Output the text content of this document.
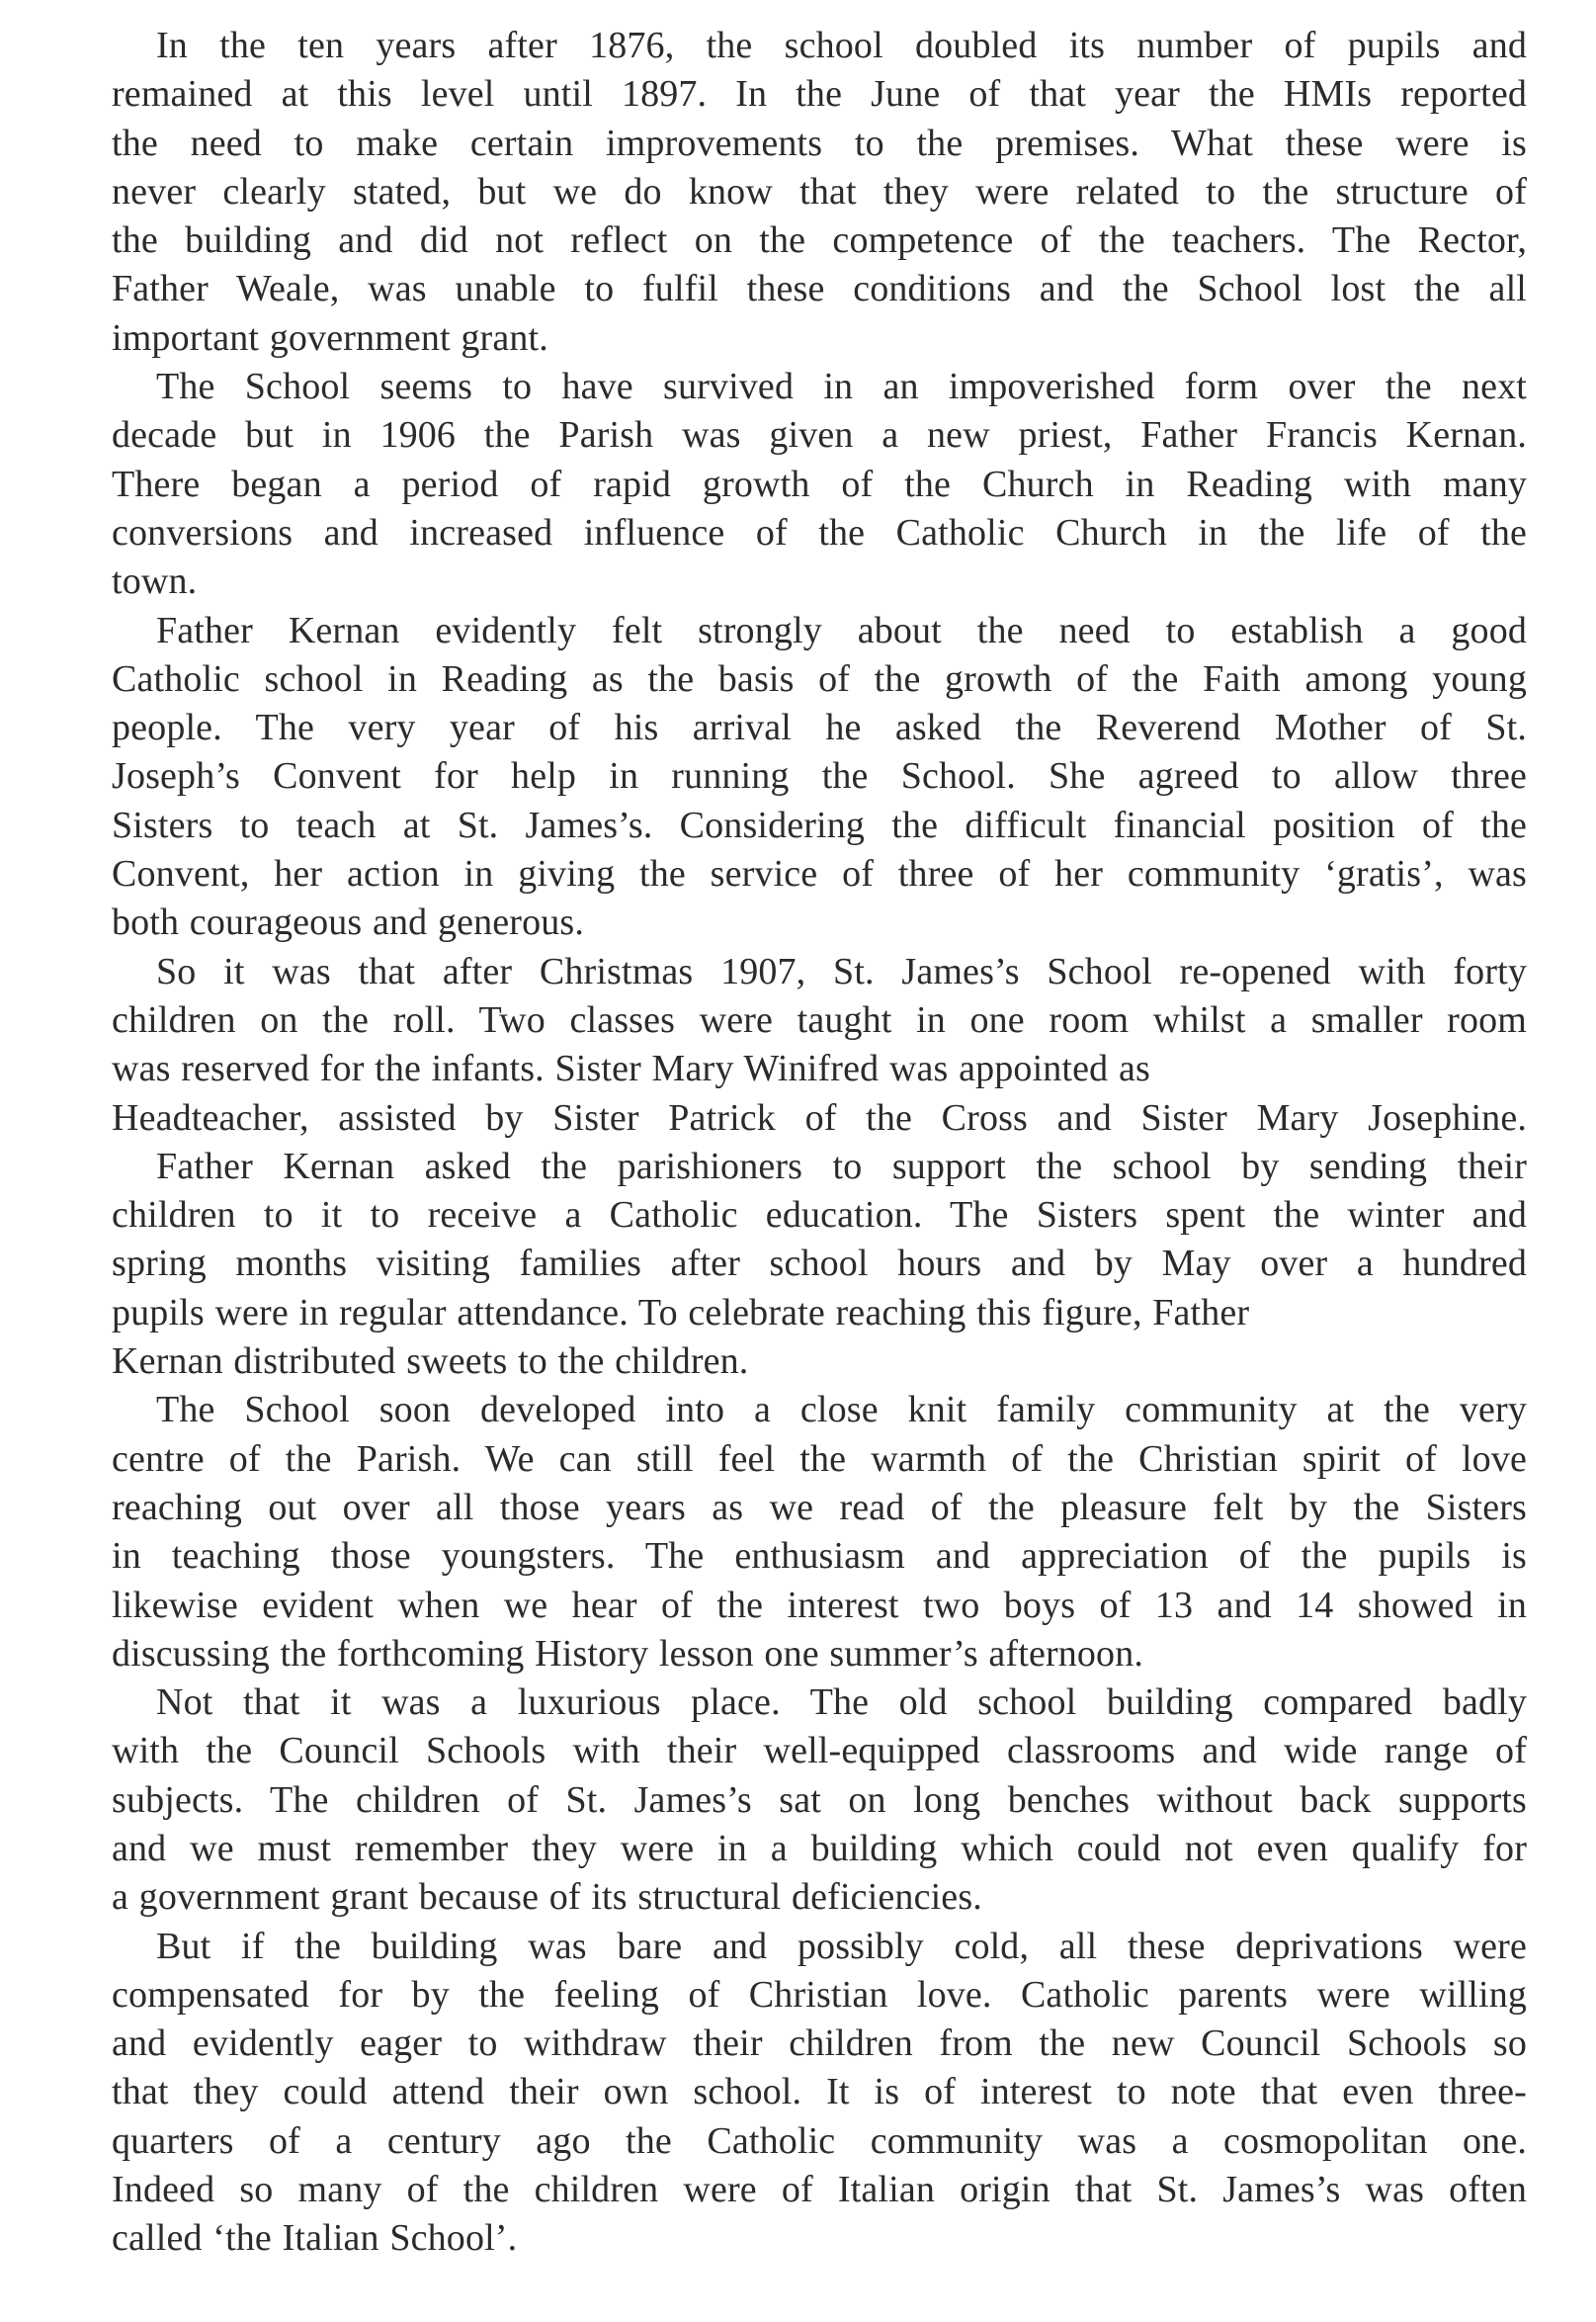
In the ten years after 1876, the school doubled its number of pupils and
remained at this level until 1897. In the June of that year the HMIs reported
the need to make certain improvements to the premises. What these were is
never clearly stated, but we do know that they were related to the structure of
the building and did not reflect on the competence of the teachers. The Rector,
Father Weale, was unable to fulfil these conditions and the School lost the all
important government grant.
The School seems to have survived in an impoverished form over the next
decade but in 1906 the Parish was given a new priest, Father Francis Kernan.
There began a period of rapid growth of the Church in Reading with many
conversions and increased influence of the Catholic Church in the life of the
town.
Father Kernan evidently felt strongly about the need to establish a good
Catholic school in Reading as the basis of the growth of the Faith among young
people. The very year of his arrival he asked the Reverend Mother of St.
Joseph’s Convent for help in running the School. She agreed to allow three
Sisters to teach at St. James’s. Considering the difficult financial position of the
Convent, her action in giving the service of three of her community ‘gratis’, was
both courageous and generous.
So it was that after Christmas 1907, St. James’s School re-opened with forty
children on the roll. Two classes were taught in one room whilst a smaller room
was reserved for the infants. Sister Mary Winifred was appointed as
Headteacher, assisted by Sister Patrick of the Cross and Sister Mary Josephine.
Father Kernan asked the parishioners to support the school by sending their
children to it to receive a Catholic education. The Sisters spent the winter and
spring months visiting families after school hours and by May over a hundred
pupils were in regular attendance. To celebrate reaching this figure, Father
Kernan distributed sweets to the children.
The School soon developed into a close knit family community at the very
centre of the Parish. We can still feel the warmth of the Christian spirit of love
reaching out over all those years as we read of the pleasure felt by the Sisters
in teaching those youngsters. The enthusiasm and appreciation of the pupils is
likewise evident when we hear of the interest two boys of 13 and 14 showed in
discussing the forthcoming History lesson one summer’s afternoon.
Not that it was a luxurious place. The old school building compared badly
with the Council Schools with their well-equipped classrooms and wide range of
subjects. The children of St. James’s sat on long benches without back supports
and we must remember they were in a building which could not even qualify for
a government grant because of its structural deficiencies.
But if the building was bare and possibly cold, all these deprivations were
compensated for by the feeling of Christian love. Catholic parents were willing
and evidently eager to withdraw their children from the new Council Schools so
that they could attend their own school. It is of interest to note that even three-
quarters of a century ago the Catholic community was a cosmopolitan one.
Indeed so many of the children were of Italian origin that St. James’s was often
called ‘the Italian School’.
